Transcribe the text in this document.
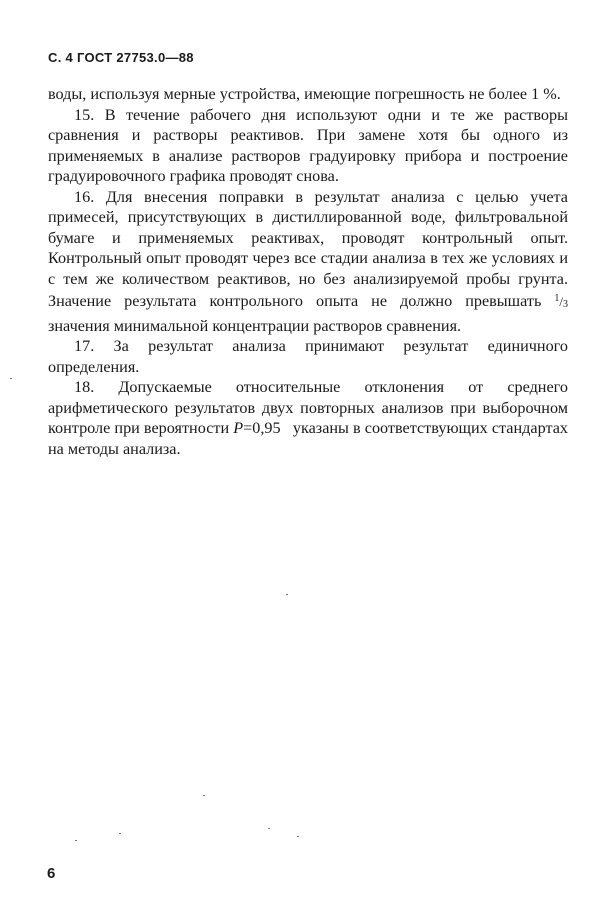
С. 4 ГОСТ 27753.0—88

воды, используя мерные устройства, имеющие погрешность не более 1 %.

15. В течение рабочего дня используют одни и те же растворы сравнения и растворы реактивов. При замене хотя бы одного из применяемых в анализе растворов градуировку прибора и построение градуировочного графика проводят снова.

16. Для внесения поправки в результат анализа с целью учета примесей, присутствующих в дистиллированной воде, фильтровальной бумаге и применяемых реактивах, проводят контрольный опыт. Контрольный опыт проводят через все стадии анализа в тех же условиях и с тем же количеством реактивов, но без анализируемой пробы грунта. Значение результата контрольного опыта не должно превышать $^1/_3$ значения минимальной концентрации растворов сравнения.

17. За результат анализа принимают результат единичного определения.

18. Допускаемые относительные отклонения от среднего арифметического результатов двух повторных анализов при выборочном контроле при вероятности P=0,95 указаны в соответствующих стандартах на методы анализа.

6
